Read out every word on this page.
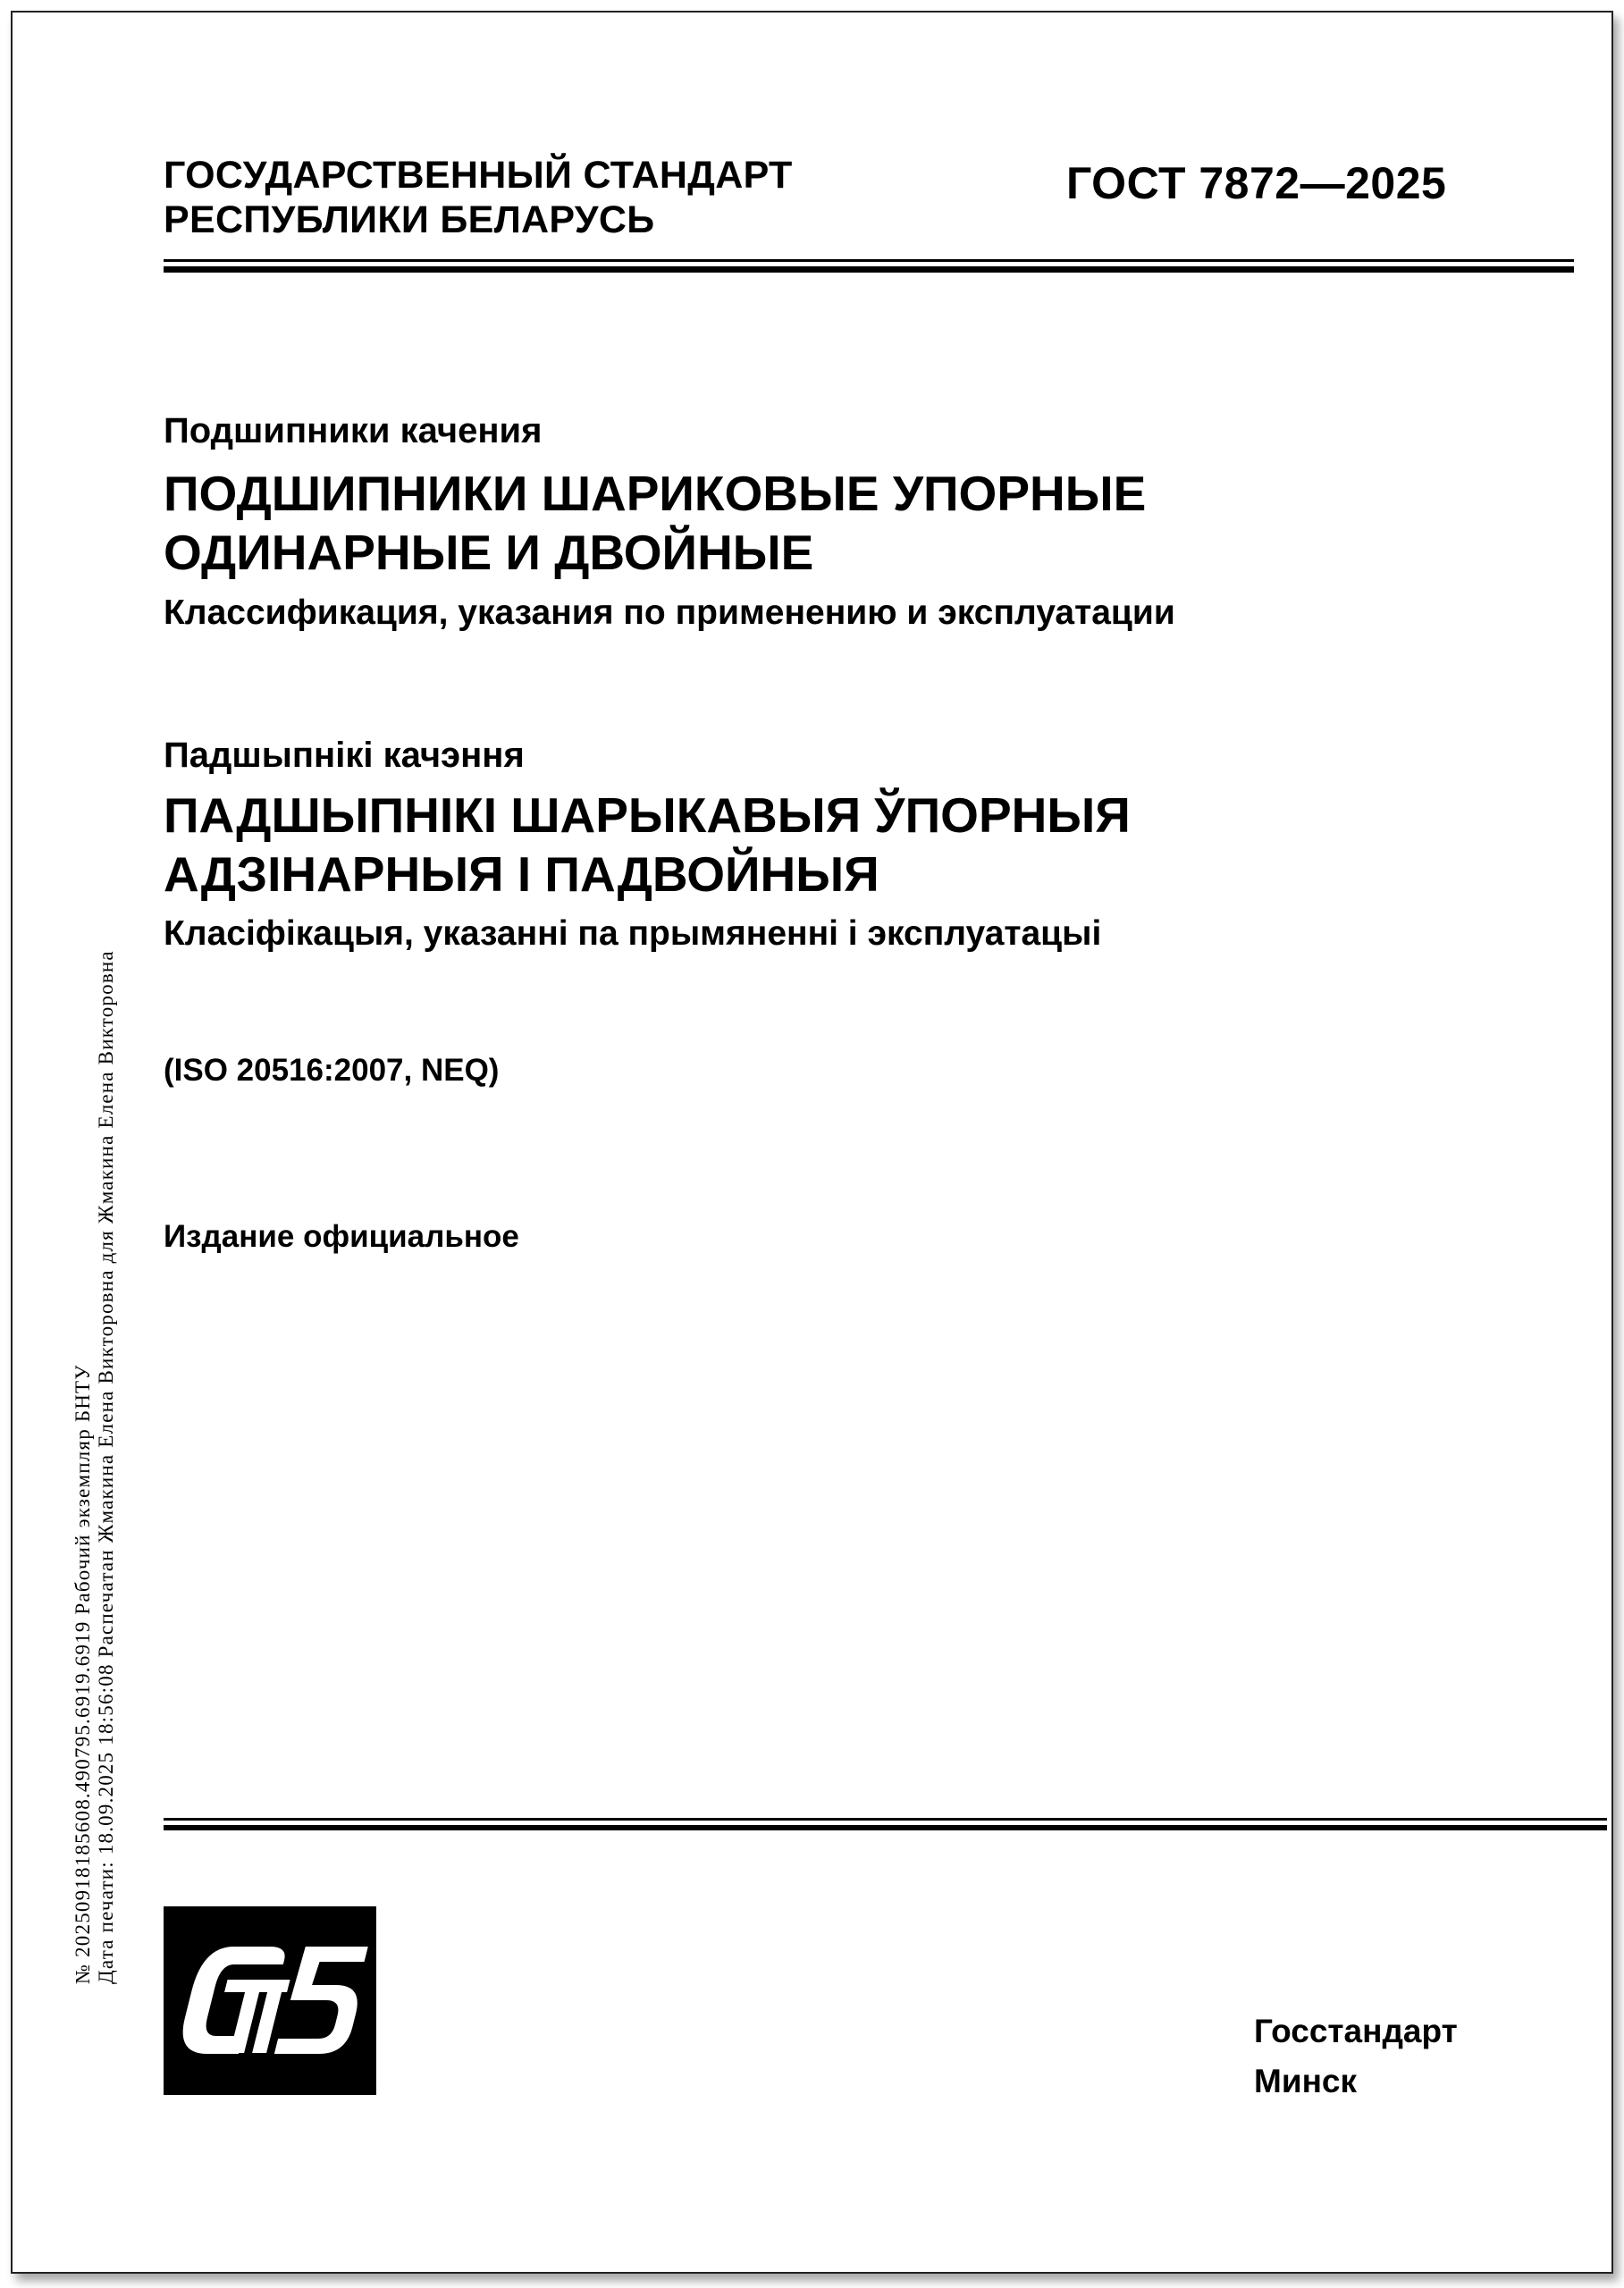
ГОСУДАРСТВЕННЫЙ СТАНДАРТ
РЕСПУБЛИКИ БЕЛАРУСЬ
ГОСТ 7872—2025
Подшипники качения
ПОДШИПНИКИ ШАРИКОВЫЕ УПОРНЫЕ
ОДИНАРНЫЕ И ДВОЙНЫЕ
Классификация, указания по применению и эксплуатации
Падшыпнікі качэння
ПАДШЫПНІКІ ШАРЫКАВЫЯ ЎПОРНЫЯ
АДЗІНАРНЫЯ І ПАДВОЙНЫЯ
Класіфікацыя, указанні па прымяненні і эксплуатацыі
(ISO 20516:2007, NEQ)
Издание официальное
№ 20250918185608.490795.6919.6919 Рабочий экземпляр БНТУ Дата печати: 18.09.2025 18:56:08 Распечатан Жмакина Елена Викторовна для Жмакина Елена Викторовна
Госстандарт
Минск
